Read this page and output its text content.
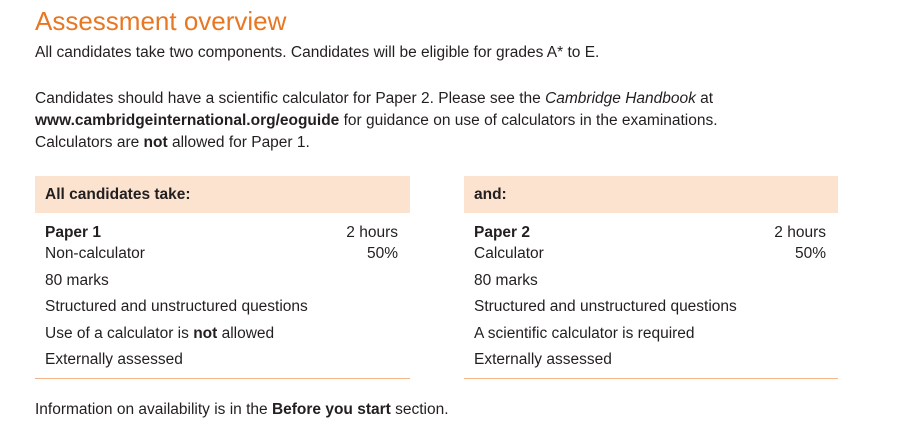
Assessment overview
All candidates take two components. Candidates will be eligible for grades A* to E.
Candidates should have a scientific calculator for Paper 2. Please see the Cambridge Handbook at
www.cambridgeinternational.org/eoguide for guidance on use of calculators in the examinations.
Calculators are not allowed for Paper 1.
All candidates take:
Paper 1	2 hours
Non-calculator	50%
80 marks
Structured and unstructured questions
Use of a calculator is not allowed
Externally assessed
and:
Paper 2	2 hours
Calculator	50%
80 marks
Structured and unstructured questions
A scientific calculator is required
Externally assessed
Information on availability is in the Before you start section.
